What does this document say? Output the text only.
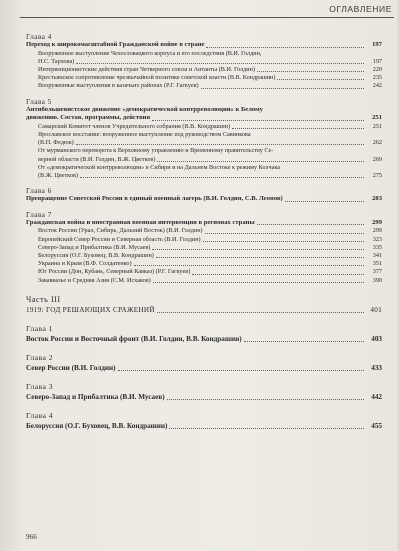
ОГЛАВЛЕНИЕ
Глава 4
Переход к широкомасштабной Гражданской войне в стране	197
Вооруженное выступление Чехословацкого корпуса и его последствия (В.И. Голдин,
Н.С. Тархова)	197
Интервенционистские действия стран Четверного союза и Антанты (В.И. Голдин)	220
Крестьянское сопротивление чрезвычайной политике советской власти (В.В. Кондрашин)	235
Вооруженные выступления в казачьих районах (Р.Г. Гагкуев)	242
Глава 5
Антибольшевистское движение «демократической контрреволюции» к Белому
движению. Состав, программы, действия	251
Самарский Комитет членов Учредительного собрания (В.В. Кондрашин)	251
Ярославское восстание: вооруженное выступление под руководством Савинкова
(В.П. Федюк)	262
От мурманского переворота к Верховному управлению и Временному правительству Се-
верной области (В.И. Голдин, В.Ж. Цветков)	269
От «демократической контрреволюции» в Сибири и на Дальнем Востоке к режиму Колчака
(В.Ж. Цветков)	275
Глава 6
Превращение Советской России в единый военный лагерь (В.И. Голдин, С.В. Леонов)	283
Глава 7
Гражданская война и иностранная военная интервенция в регионах страны	299
Восток России (Урал, Сибирь, Дальний Восток) (В.И. Голдин)	299
Европейский Север России и Северная область (В.И. Голдин)	323
Северо-Запад и Прибалтика (В.И. Мусаев)	335
Белоруссия (О.Г. Буховец, В.В. Кондрашин)	341
Украина и Крым (В.Ф. Солдатенко)	351
Юг России (Дон, Кубань, Северный Кавказ) (Р.Г. Гагкуев)	377
Закавказье и Средняя Азия (С.М. Исхаков)	390
Часть III
1919: ГОД РЕШАЮЩИХ СРАЖЕНИЙ	401
Глава 1
Восток России и Восточный фронт (В.И. Голдин, В.В. Кондрашин)	403
Глава 2
Север России (В.И. Голдин)	433
Глава 3
Северо-Запад и Прибалтика (В.И. Мусаев)	442
Глава 4
Белоруссия (О.Г. Буховец, В.В. Кондрашин)	455
966
